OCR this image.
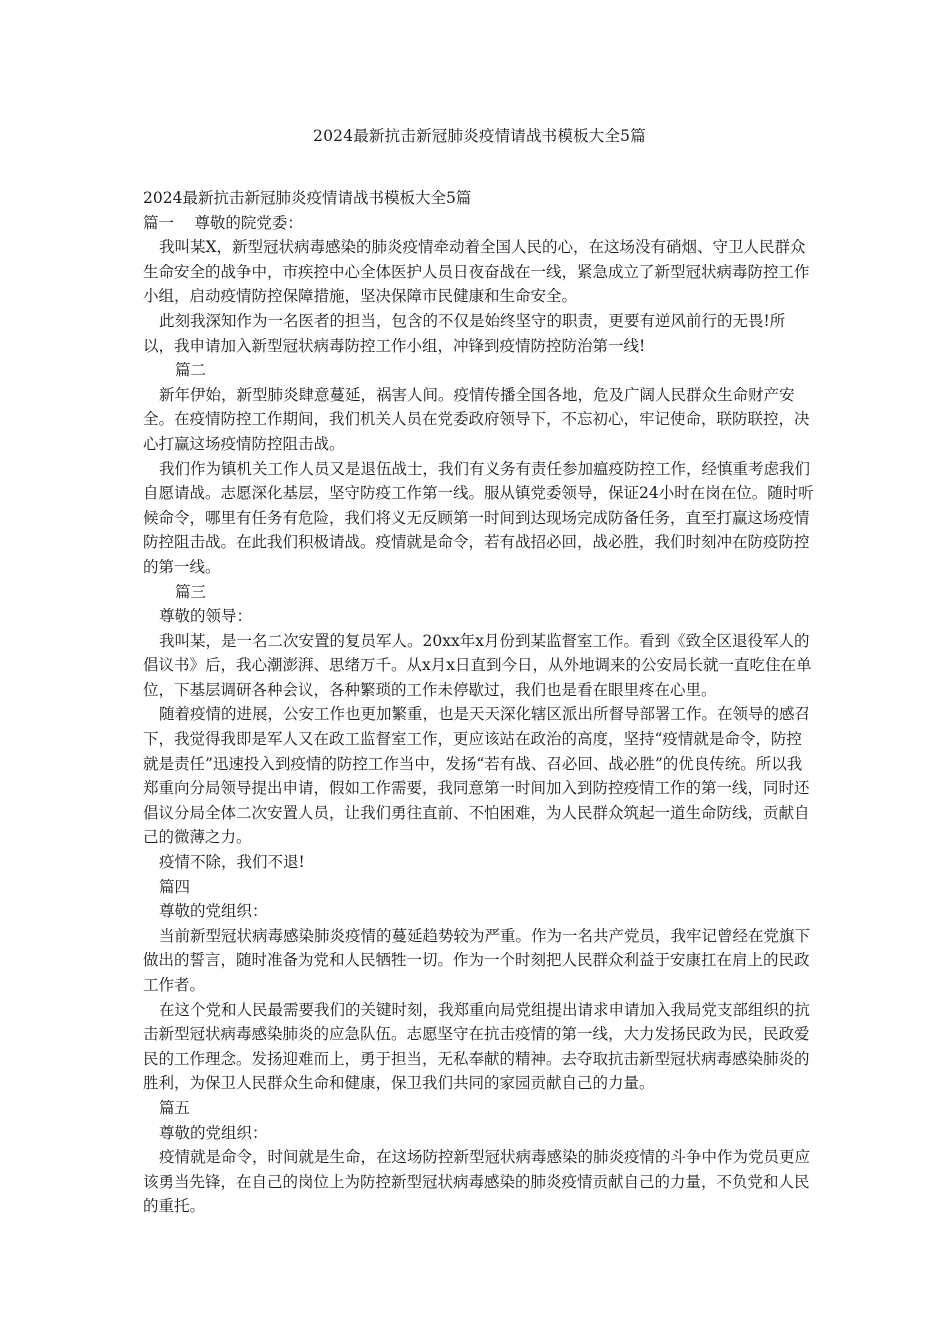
2024最新抗击新冠肺炎疫情请战书模板大全5篇

2024最新抗击新冠肺炎疫情请战书模板大全5篇

篇一　 尊敬的院党委：

我叫某X，新型冠状病毒感染的肺炎疫情牵动着全国人民的心，在这场没有硝烟、守卫人民群众生命安全的战争中，市疾控中心全体医护人员日夜奋战在一线，紧急成立了新型冠状病毒防控工作小组，启动疫情防控保障措施，坚决保障市民健康和生命安全。

此刻我深知作为一名医者的担当，包含的不仅是始终坚守的职责，更要有逆风前行的无畏!所以，我申请加入新型冠状病毒防控工作小组，冲锋到疫情防控防治第一线!

篇二

新年伊始，新型肺炎肆意蔓延，祸害人间。疫情传播全国各地，危及广阔人民群众生命财产安全。在疫情防控工作期间，我们机关人员在党委政府领导下，不忘初心，牢记使命，联防联控，决心打赢这场疫情防控阻击战。

我们作为镇机关工作人员又是退伍战士，我们有义务有责任参加瘟疫防控工作，经慎重考虑我们自愿请战。志愿深化基层，坚守防疫工作第一线。服从镇党委领导，保证24小时在岗在位。随时听候命令，哪里有任务有危险，我们将义无反顾第一时间到达现场完成防备任务，直至打赢这场疫情防控阻击战。在此我们积极请战。疫情就是命令，若有战招必回，战必胜，我们时刻冲在防疫防控的第一线。

篇三

尊敬的领导：

我叫某，是一名二次安置的复员军人。20xx年x月份到某监督室工作。看到《致全区退役军人的倡议书》后，我心潮澎湃、思绪万千。从x月x日直到今日，从外地调来的公安局长就一直吃住在单位，下基层调研各种会议，各种繁琐的工作未停歇过，我们也是看在眼里疼在心里。

随着疫情的进展，公安工作也更加繁重，也是天天深化辖区派出所督导部署工作。在领导的感召下，我觉得我即是军人又在政工监督室工作，更应该站在政治的高度，坚持“疫情就是命令，防控就是责任”迅速投入到疫情的防控工作当中，发扬“若有战、召必回、战必胜”的优良传统。所以我郑重向分局领导提出申请，假如工作需要，我同意第一时间加入到防控疫情工作的第一线，同时还倡议分局全体二次安置人员，让我们勇往直前、不怕困难，为人民群众筑起一道生命防线，贡献自己的微薄之力。

疫情不除，我们不退!

篇四

尊敬的党组织：

当前新型冠状病毒感染肺炎疫情的蔓延趋势较为严重。作为一名共产党员，我牢记曾经在党旗下做出的誓言，随时准备为党和人民牺牲一切。作为一个时刻把人民群众利益于安康扛在肩上的民政工作者。

在这个党和人民最需要我们的关键时刻，我郑重向局党组提出请求申请加入我局党支部组织的抗击新型冠状病毒感染肺炎的应急队伍。志愿坚守在抗击疫情的第一线，大力发扬民政为民，民政爱民的工作理念。发扬迎难而上，勇于担当，无私奉献的精神。去夺取抗击新型冠状病毒感染肺炎的胜利，为保卫人民群众生命和健康，保卫我们共同的家园贡献自己的力量。

篇五

尊敬的党组织：

疫情就是命令，时间就是生命，在这场防控新型冠状病毒感染的肺炎疫情的斗争中作为党员更应该勇当先锋，在自己的岗位上为防控新型冠状病毒感染的肺炎疫情贡献自己的力量，不负党和人民的重托。
